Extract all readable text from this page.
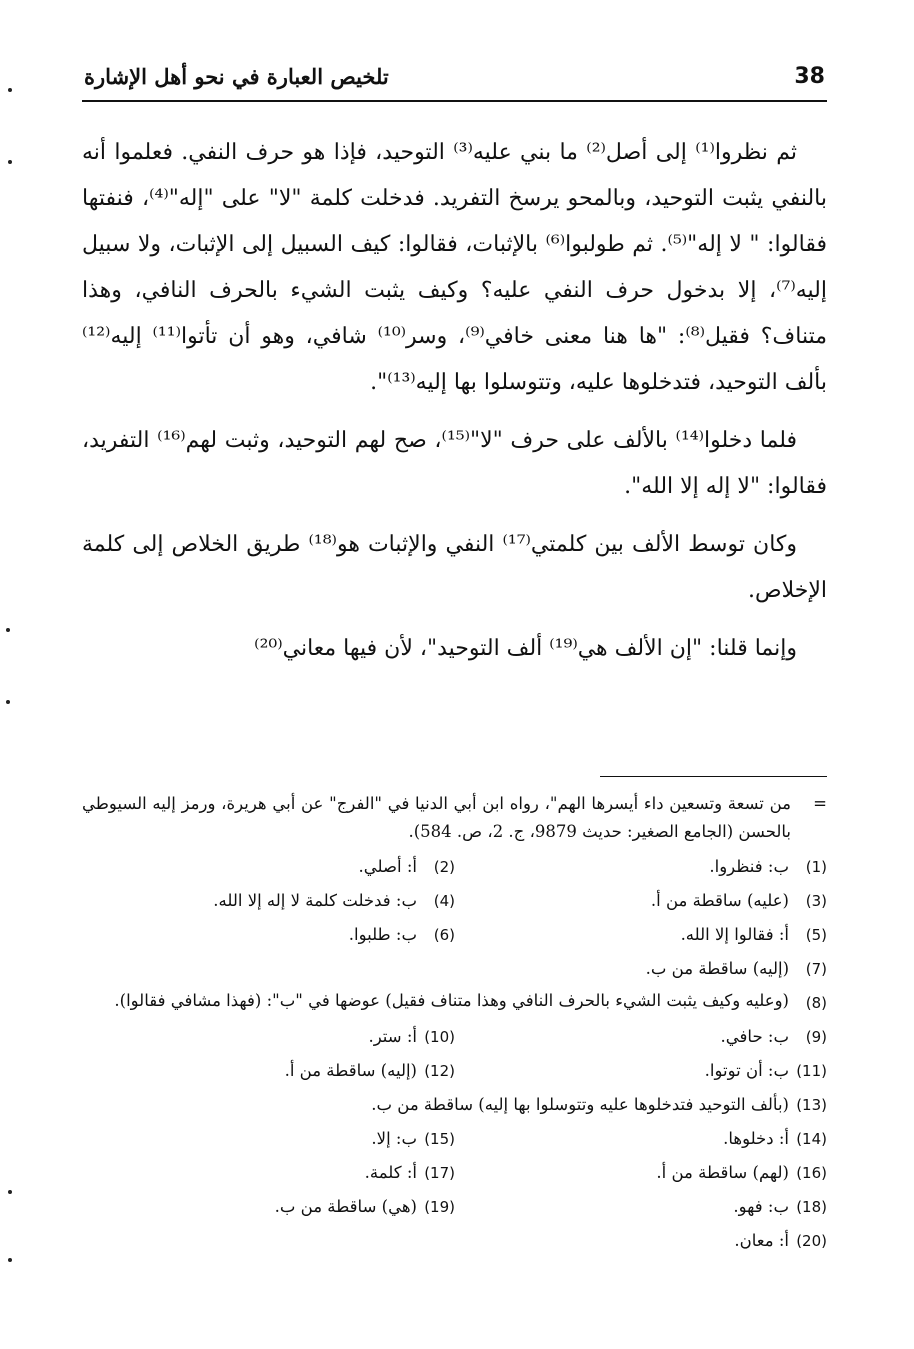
38
تلخيص العبارة في نحو أهل الإشارة

ثم نظروا⁽¹⁾ إلى أصل⁽²⁾ ما بني عليه⁽³⁾ التوحيد، فإذا هو حرف النفي. فعلموا أنه بالنفي يثبت التوحيد، وبالمحو يرسخ التفريد. فدخلت كلمة "لا" على "إله"⁽⁴⁾، فنفتها فقالوا: " لا إله"⁽⁵⁾. ثم طولبوا⁽⁶⁾ بالإثبات، فقالوا: كيف السبيل إلى الإثبات، ولا سبيل إليه⁽⁷⁾، إلا بدخول حرف النفي عليه؟ وكيف يثبت الشيء بالحرف النافي، وهذا متناف؟ فقيل⁽⁸⁾: "ها هنا معنى خافي⁽⁹⁾، وسر⁽¹⁰⁾ شافي، وهو أن تأتوا⁽¹¹⁾ إليه⁽¹²⁾ بألف التوحيد، فتدخلوها عليه، وتتوسلوا بها إليه⁽¹³⁾".

فلما دخلوا⁽¹⁴⁾ بالألف على حرف "لا"⁽¹⁵⁾، صح لهم التوحيد، وثبت لهم⁽¹⁶⁾ التفريد، فقالوا: "لا إله إلا الله".

وكان توسط الألف بين كلمتي⁽¹⁷⁾ النفي والإثبات هو⁽¹⁸⁾ طريق الخلاص إلى كلمة الإخلاص.

وإنما قلنا: "إن الألف هي⁽¹⁹⁾ ألف التوحيد"، لأن فيها معاني⁽²⁰⁾

=
من تسعة وتسعين داء أيسرها الهم"، رواه ابن أبي الدنيا في "الفرج" عن أبي هريرة، ورمز إليه السيوطي بالحسن (الجامع الصغير: حديث 9879، ج. 2، ص. 584).
(1)
ب: فنظروا.
(2)
أ: أصلي.
(3)
(عليه) ساقطة من أ.
(4)
ب: فدخلت كلمة لا إله إلا الله.
(5)
أ: فقالوا إلا الله.
(6)
ب: طلبوا.
(7)
(إليه) ساقطة من ب.
(8)
(وعليه وكيف يثبت الشيء بالحرف النافي وهذا متناف فقيل) عوضها في "ب": (فهذا مشافي فقالوا).
(9)
ب: حافي.
(10)
أ: ستر.
(11)
ب: أن توتوا.
(12)
(إليه) ساقطة من أ.
(13)
(بألف التوحيد فتدخلوها عليه وتتوسلوا بها إليه) ساقطة من ب.
(14)
أ: دخلوها.
(15)
ب: إلا.
(16)
(لهم) ساقطة من أ.
(17)
أ: كلمة.
(18)
ب: فهو.
(19)
(هي) ساقطة من ب.
(20)
أ: معان.
